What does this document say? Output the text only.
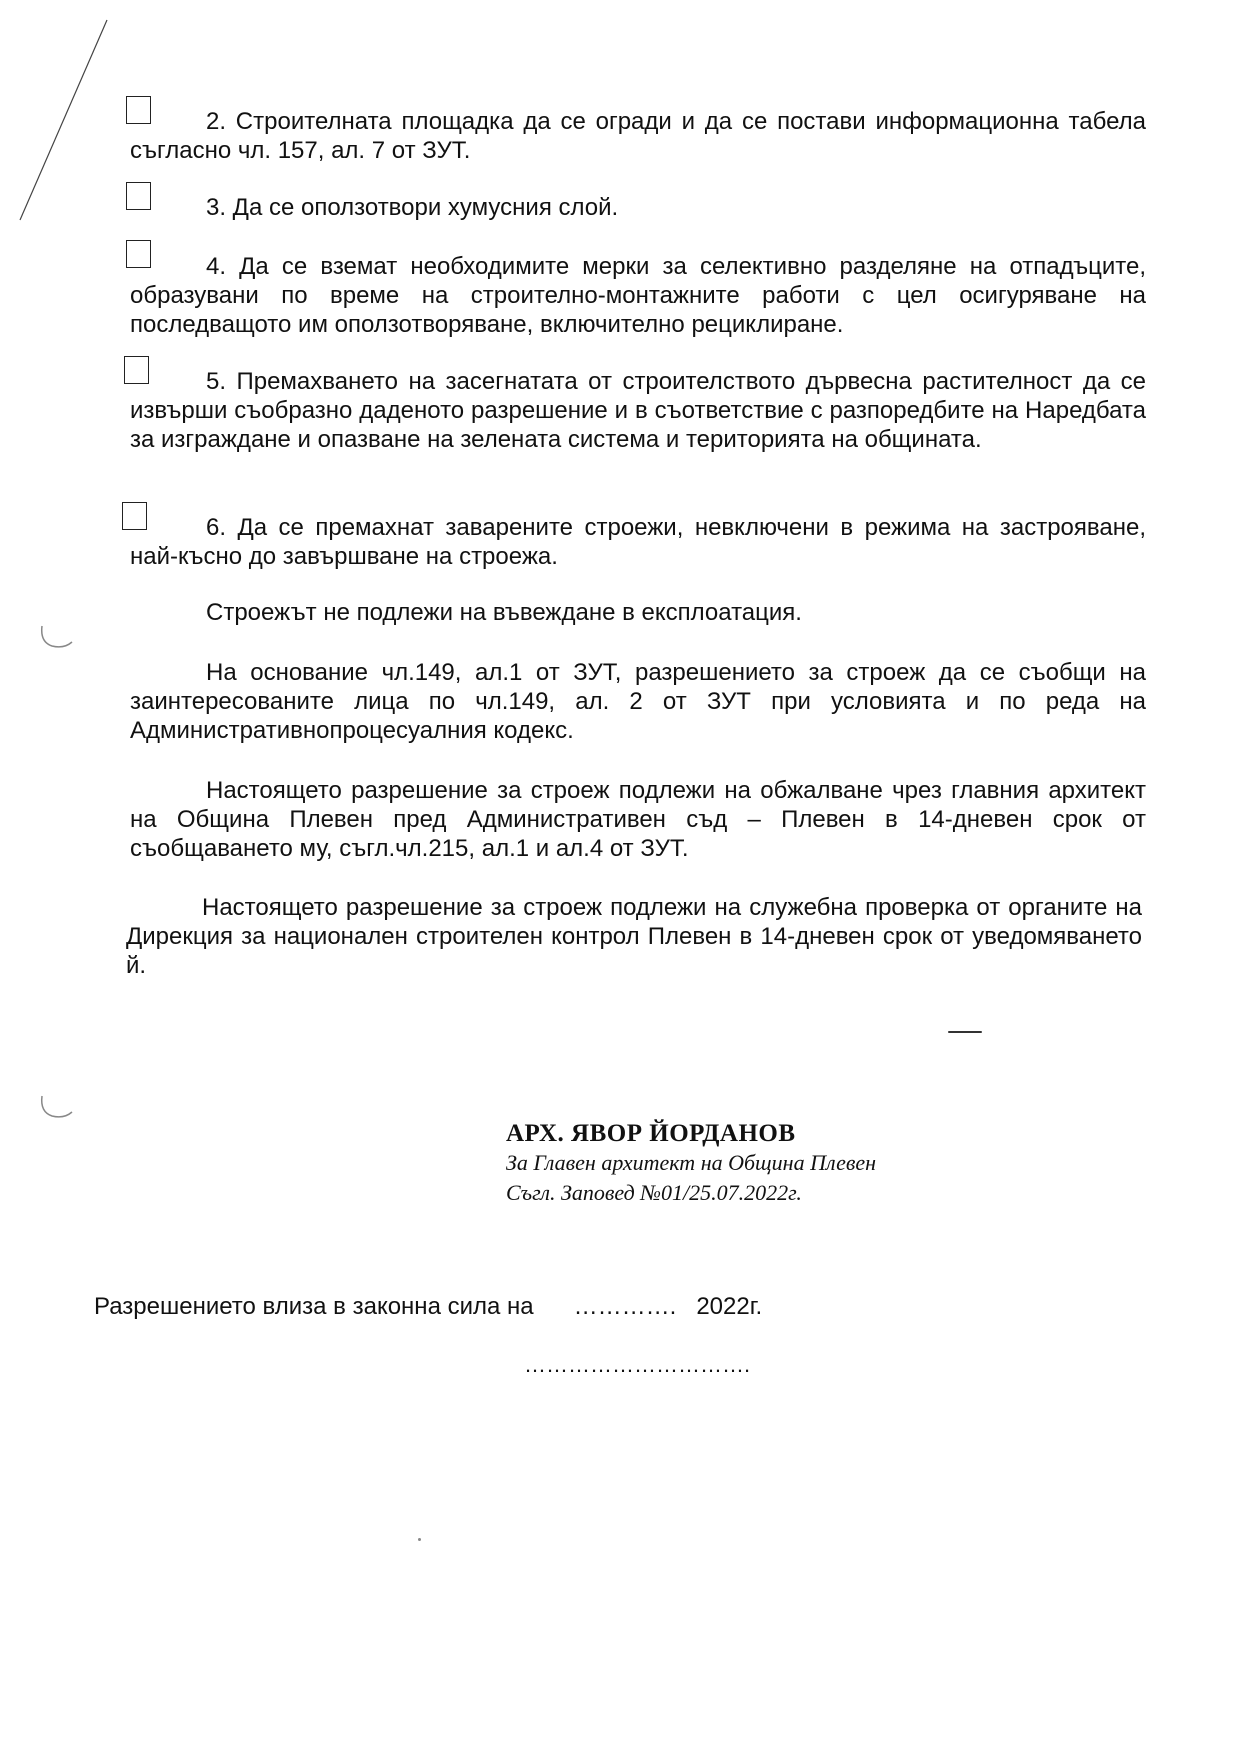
2. Строителната площадка да се огради и да се постави информационна табела съгласно чл. 157, ал. 7 от ЗУТ.

3. Да се оползотвори хумусния слой.

4. Да се вземат необходимите мерки за селективно разделяне на отпадъците, образувани по време на строително-монтажните работи с цел осигуряване на последващото им оползотворяване, включително рециклиране.

5. Премахването на засегнатата от строителството дървесна растителност да се извърши съобразно даденото разрешение и в съответствие с разпоредбите на Наредбата за изграждане и опазване на зелената система и територията на общината.

6. Да се премахнат заварените строежи, невключени в режима на застрояване, най-късно до завършване на строежа.

Строежът не подлежи на въвеждане в експлоатация.

На основание чл.149, ал.1 от ЗУТ, разрешението за строеж да се съобщи на заинтересованите лица по чл.149, ал. 2 от ЗУТ при условията и по реда на Административнопроцесуалния кодекс.

Настоящето разрешение за строеж подлежи на обжалване чрез главния архитект на Община Плевен пред Административен съд – Плевен в 14-дневен срок от съобщаването му, съгл.чл.215, ал.1 и ал.4 от ЗУТ.

Настоящето разрешение за строеж подлежи на служебна проверка от органите на Дирекция за национален строителен контрол Плевен в 14-дневен срок от уведомяването й.

АРХ. ЯВОР ЙОРДАНОВ
За Главен архитект на Община Плевен
Съгл. Заповед №01/25.07.2022г.
Разрешението влиза в законна сила на …………. 2022г.
………………………….
